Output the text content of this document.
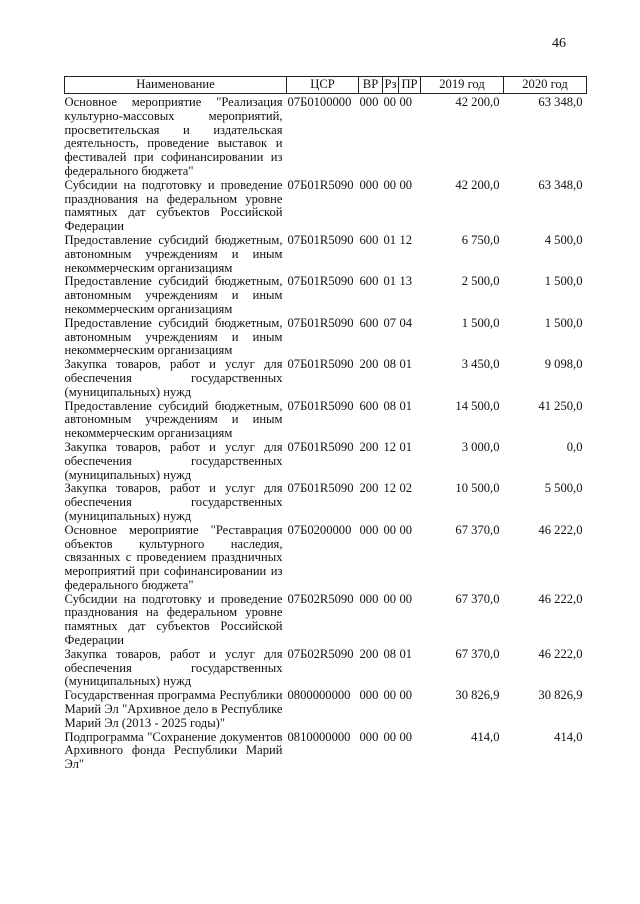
46
Наименование	ЦСР	ВР	Рз	ПР	2019 год	2020 год
Основное мероприятие "Реализация культурно-массовых мероприятий, просветительская и издательская деятельность, проведение выставок и фестивалей при софинансировании из федерального бюджета"	07Б0100000	000	00	00	42 200,0	63 348,0
Субсидии на подготовку и проведение празднования на федеральном уровне памятных дат субъектов Российской Федерации	07Б01R5090	000	00	00	42 200,0	63 348,0
Предоставление субсидий бюджетным, автономным учреждениям и иным некоммерческим организациям	07Б01R5090	600	01	12	6 750,0	4 500,0
Предоставление субсидий бюджетным, автономным учреждениям и иным некоммерческим организациям	07Б01R5090	600	01	13	2 500,0	1 500,0
Предоставление субсидий бюджетным, автономным учреждениям и иным некоммерческим организациям	07Б01R5090	600	07	04	1 500,0	1 500,0
Закупка товаров, работ и услуг для обеспечения государственных (муниципальных) нужд	07Б01R5090	200	08	01	3 450,0	9 098,0
Предоставление субсидий бюджетным, автономным учреждениям и иным некоммерческим организациям	07Б01R5090	600	08	01	14 500,0	41 250,0
Закупка товаров, работ и услуг для обеспечения государственных (муниципальных) нужд	07Б01R5090	200	12	01	3 000,0	0,0
Закупка товаров, работ и услуг для обеспечения государственных (муниципальных) нужд	07Б01R5090	200	12	02	10 500,0	5 500,0
Основное мероприятие "Реставрация объектов культурного наследия, связанных с проведением праздничных мероприятий при софинансировании из федерального бюджета"	07Б0200000	000	00	00	67 370,0	46 222,0
Субсидии на подготовку и проведение празднования на федеральном уровне памятных дат субъектов Российской Федерации	07Б02R5090	000	00	00	67 370,0	46 222,0
Закупка товаров, работ и услуг для обеспечения государственных (муниципальных) нужд	07Б02R5090	200	08	01	67 370,0	46 222,0
Государственная программа Республики Марий Эл "Архивное дело в Республике Марий Эл (2013 - 2025 годы)"	0800000000	000	00	00	30 826,9	30 826,9
Подпрограмма "Сохранение документов Архивного фонда Республики Марий Эл"	0810000000	000	00	00	414,0	414,0
